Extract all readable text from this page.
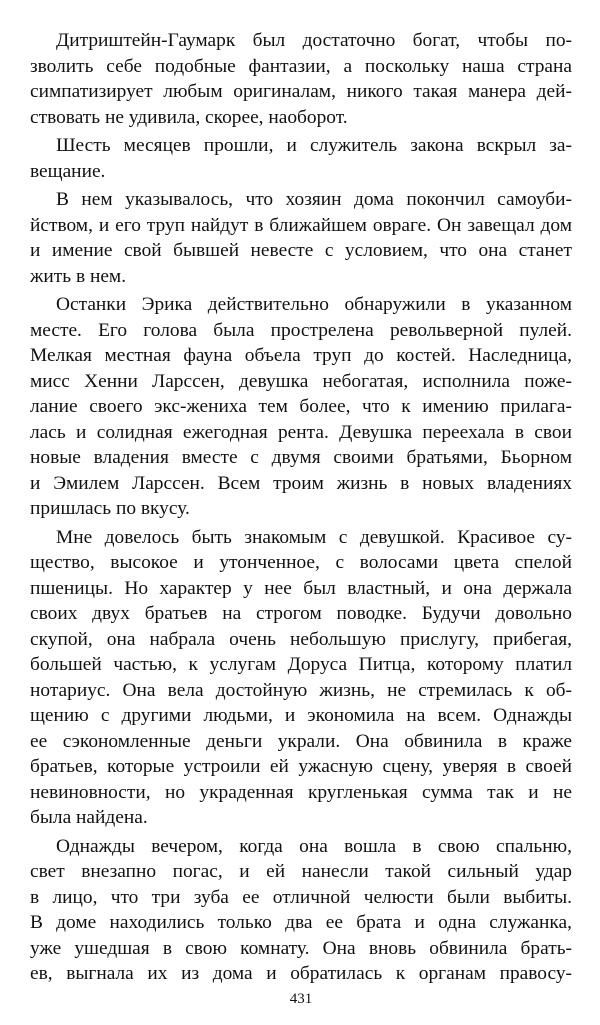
Дитриштейн-Гаумарк был достаточно богат, чтобы по-
зволить себе подобные фантазии, а поскольку наша страна
симпатизирует любым оригиналам, никого такая манера дей-
ствовать не удивила, скорее, наоборот.
Шесть месяцев прошли, и служитель закона вскрыл за-
вещание.
В нем указывалось, что хозяин дома покончил самоуби-
йством, и его труп найдут в ближайшем овраге. Он завещал дом
и имение свой бывшей невесте с условием, что она станет
жить в нем.
Останки Эрика действительно обнаружили в указанном
месте. Его голова была прострелена револьверной пулей.
Мелкая местная фауна объела труп до костей. Наследница,
мисс Хенни Ларссен, девушка небогатая, исполнила поже-
лание своего экс-жениха тем более, что к имению прилага-
лась и солидная ежегодная рента. Девушка переехала в свои
новые владения вместе с двумя своими братьями, Бьорном
и Эмилем Ларссен. Всем троим жизнь в новых владениях
пришлась по вкусу.
Мне довелось быть знакомым с девушкой. Красивое су-
щество, высокое и утонченное, с волосами цвета спелой
пшеницы. Но характер у нее был властный, и она держала
своих двух братьев на строгом поводке. Будучи довольно
скупой, она набрала очень небольшую прислугу, прибегая,
большей частью, к услугам Доруса Питца, которому платил
нотариус. Она вела достойную жизнь, не стремилась к об-
щению с другими людьми, и экономила на всем. Однажды
ее сэкономленные деньги украли. Она обвинила в краже
братьев, которые устроили ей ужасную сцену, уверяя в своей
невиновности, но украденная кругленькая сумма так и не
была найдена.
Однажды вечером, когда она вошла в свою спальню,
свет внезапно погас, и ей нанесли такой сильный удар
в лицо, что три зуба ее отличной челюсти были выбиты.
В доме находились только два ее брата и одна служанка,
уже ушедшая в свою комнату. Она вновь обвинила брать-
ев, выгнала их из дома и обратилась к органам правосу-
431
